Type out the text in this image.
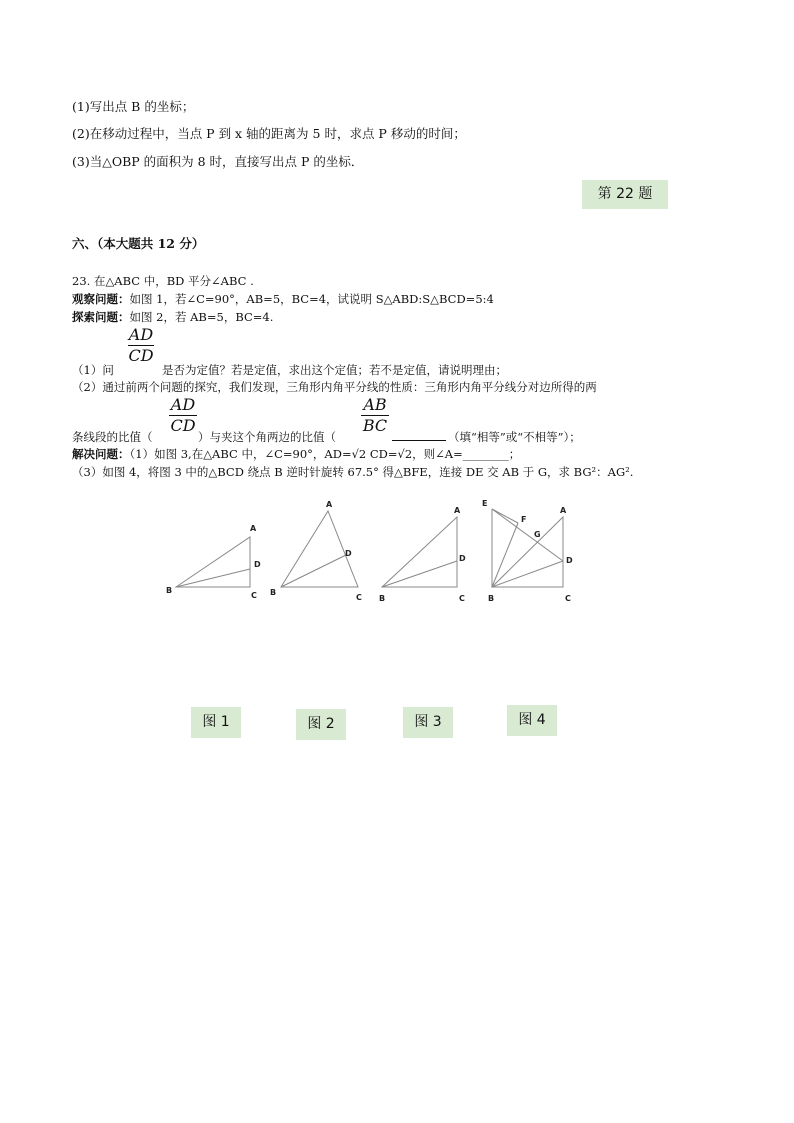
(1)写出点 B 的坐标；
(2)在移动过程中，当点 P 到 x 轴的距离为 5 时，求点 P 移动的时间；
(3)当△OBP 的面积为 8 时，直接写出点 P 的坐标．
第 22 题
六、（本大题共 12 分）
23. 在△ABC 中，BD 平分∠ABC .
观察问题：如图 1，若∠C=90°，AB=5，BC=4，试说明 S△ABD:S△BCD=5:4
探索问题：如图 2，若 AB=5，BC=4.
（1）问
AD
CD
是否为定值？若是定值，求出这个定值；若不是定值，请说明理由；
（2）通过前两个问题的探究，我们发现，三角形内角平分线的性质：三角形内角平分线分对边所得的两
条线段的比值（
AD
CD
）与夹这个角两边的比值（
AB
BC
（填“相等”或“不相等”）；
解决问题：（1）如图 3,在△ABC 中，∠C=90°，AD=√2 CD=√2，则∠A=________；
（3）如图 4，将图 3 中的△BCD 绕点 B 逆时针旋转 67.5° 得△BFE，连接 DE 交 AB 于 G，求 BG²：AG².
B
A
D
C B
A
D
C B
A
D
C
E
F
G
A
D
B	C
图 1	图 2	图 3	图 4
